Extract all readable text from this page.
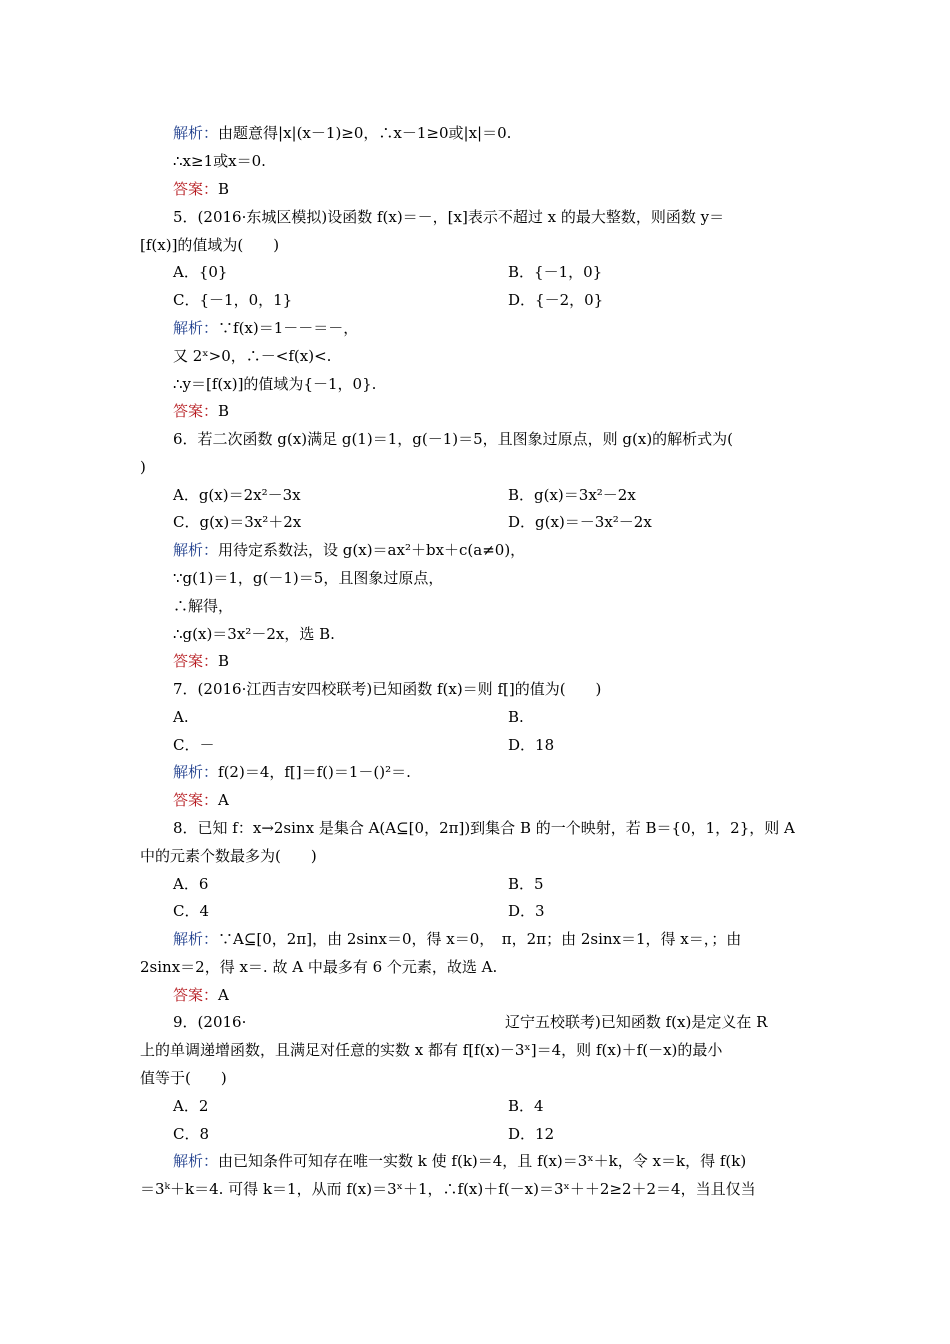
解析：由题意得|x|(x－1)≥0，∴x－1≥0或|x|＝0.
∴x≥1或x＝0.
答案：B
5．(2016·东城区模拟)设函数 f(x)＝－，[x]表示不超过 x 的最大整数，则函数 y＝
[f(x)]的值域为(　　)
A．{0}	B．{－1，0}
C．{－1，0，1}	D．{－2，0}
解析：∵f(x)＝1－－＝－，
又 2ˣ>0，∴－<f(x)<.
∴y＝[f(x)]的值域为{－1，0}.
答案：B
6．若二次函数 g(x)满足 g(1)＝1，g(－1)＝5，且图象过原点，则 g(x)的解析式为(
)
A．g(x)＝2x²－3x	B．g(x)＝3x²－2x
C．g(x)＝3x²＋2x	D．g(x)＝－3x²－2x
解析：用待定系数法，设 g(x)＝ax²＋bx＋c(a≠0)，
∵g(1)＝1，g(－1)＝5，且图象过原点，
∴解得，
∴g(x)＝3x²－2x，选 B.
答案：B
7．(2016·江西吉安四校联考)已知函数 f(x)＝则 f[]的值为(　　)
A.	B.
C．－	D．18
解析：f(2)＝4，f[]＝f()＝1－()²＝.
答案：A
8．已知 f：x→2sinx 是集合 A(A⊆[0，2π])到集合 B 的一个映射，若 B＝{0，1，2}，则 A
中的元素个数最多为(　　)
A．6	B．5
C．4	D．3
解析：∵A⊆[0，2π]，由 2sinx＝0，得 x＝0，　π，2π；由 2sinx＝1，得 x＝，；由
2sinx＝2，得 x＝. 故 A 中最多有 6 个元素，故选 A.
答案：A
9．(2016·	辽宁五校联考)已知函数 f(x)是定义在 R
上的单调递增函数，且满足对任意的实数 x 都有 f[f(x)－3ˣ]＝4，则 f(x)＋f(－x)的最小
值等于(　　)
A．2	B．4
C．8	D．12
解析：由已知条件可知存在唯一实数 k 使 f(k)＝4，且 f(x)＝3ˣ＋k，令 x＝k，得 f(k)
＝3ᵏ＋k＝4. 可得 k＝1，从而 f(x)＝3ˣ＋1，∴f(x)＋f(－x)＝3ˣ＋＋2≥2＋2＝4，当且仅当
